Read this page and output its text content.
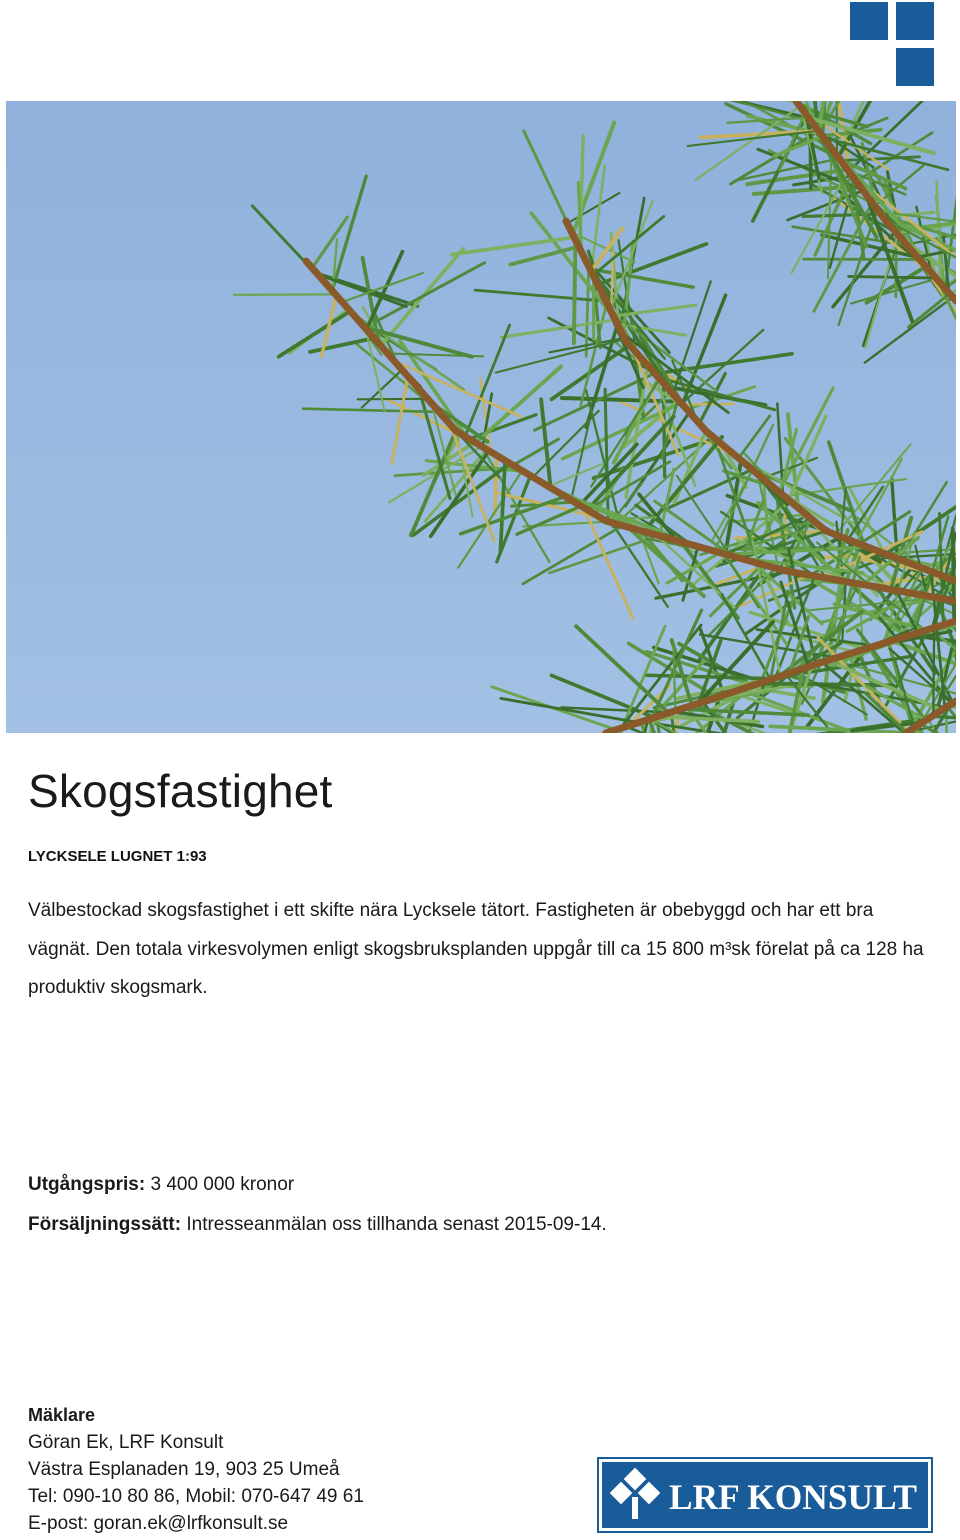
Skogsfastighet
LYCKSELE LUGNET 1:93

Välbestockad skogsfastighet i ett skifte nära Lycksele tätort. Fastigheten är obebyggd och har ett bra vägnät. Den totala virkesvolymen enligt skogsbruksplanden uppgår till ca 15 800 m³sk förelat på ca 128 ha produktiv skogsmark.

Utgångspris: 3 400 000 kronor
Försäljningssätt: Intresseanmälan oss tillhanda senast 2015-09-14.
Mäklare
Göran Ek, LRF Konsult
Västra Esplanaden 19, 903 25 Umeå
Tel: 090-10 80 86, Mobil: 070-647 49 61
E-post: goran.ek@lrfkonsult.se
LRF KONSULT
